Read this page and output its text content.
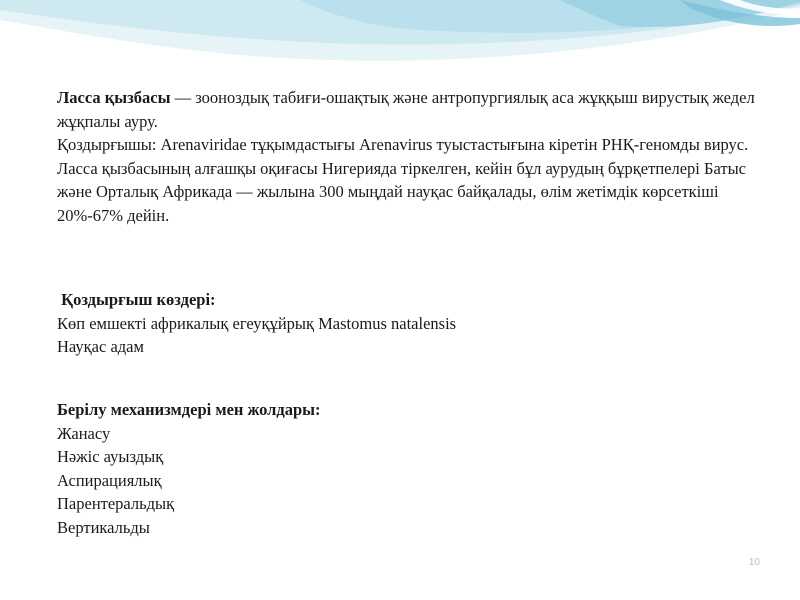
Ласса қызбасы — зооноздық табиғи-ошақтық және антропургиялық аса жұққыш вирустық жедел жұқпалы ауру.

Қоздырғышы: Arenaviridae тұқымдастығы Arenavirus туыстастығына кіретін РНҚ-геномды вирус.

Ласса қызбасының алғашқы оқиғасы Нигерияда тіркелген, кейін бұл аурудың бұрқетпелері Батыс және Орталық Африкада — жылына 300 мыңдай науқас байқалады, өлім жетімдік көрсеткіші 20%-67% дейін.

Қоздырғыш көздері:
Көп емшекті африкалық егеуқұйрық Mastomus natalensis
Науқас адам
Берілу механизмдері мен жолдары:
Жанасу
Нәжіс ауыздық
Аспирациялық
Парентеральдық
Вертикальды
10
